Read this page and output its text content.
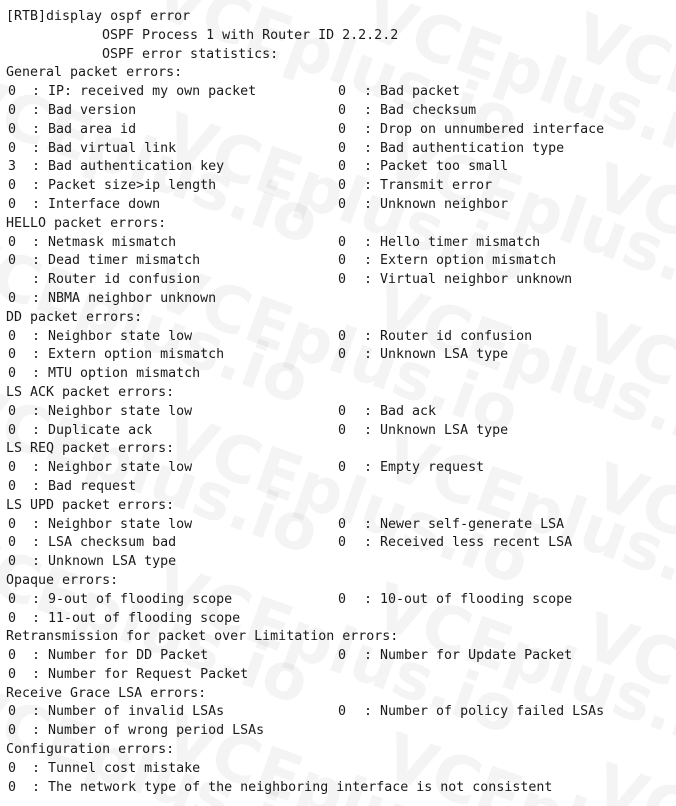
[RTB]display ospf error
OSPF Process 1 with Router ID 2.2.2.2
OSPF error statistics:
General packet errors:
0	: IP: received my own packet	0 : Bad packet
0	: Bad version	0 : Bad checksum
0	: Bad area id	0 : Drop on unnumbered interface
0	: Bad virtual link	0 : Bad authentication type
3	: Bad authentication key	0 : Packet too small
0	: Packet size>ip length	0 : Transmit error
0	: Interface down	0 : Unknown neighbor
HELLO packet errors:
0	: Netmask mismatch	0 : Hello timer mismatch
0	: Dead timer mismatch	0 : Extern option mismatch
: Router id confusion	0 : Virtual neighbor unknown
0	: NBMA neighbor unknown
DD packet errors:
0	: Neighbor state low	0 : Router id confusion
0	: Extern option mismatch	0 : Unknown LSA type
0	: MTU option mismatch
LS ACK packet errors:
0	: Neighbor state low	0 : Bad ack
0	: Duplicate ack	0 : Unknown LSA type
LS REQ packet errors:
0	: Neighbor state low	0 : Empty request
0	: Bad request
LS UPD packet errors:
0	: Neighbor state low	0 : Newer self-generate LSA
0	: LSA checksum bad	0 : Received less recent LSA
0	: Unknown LSA type
Opaque errors:
0	: 9-out of flooding scope	0 : 10-out of flooding scope
0	: 11-out of flooding scope
Retransmission for packet over Limitation errors:
0	: Number for DD Packet	0 : Number for Update Packet
0	: Number for Request Packet
Receive Grace LSA errors:
0	: Number of invalid LSAs	0 : Number of policy failed LSAs
0	: Number of wrong period LSAs
Configuration errors:
0	: Tunnel cost mistake
0	: The network type of the neighboring interface is not consistent
